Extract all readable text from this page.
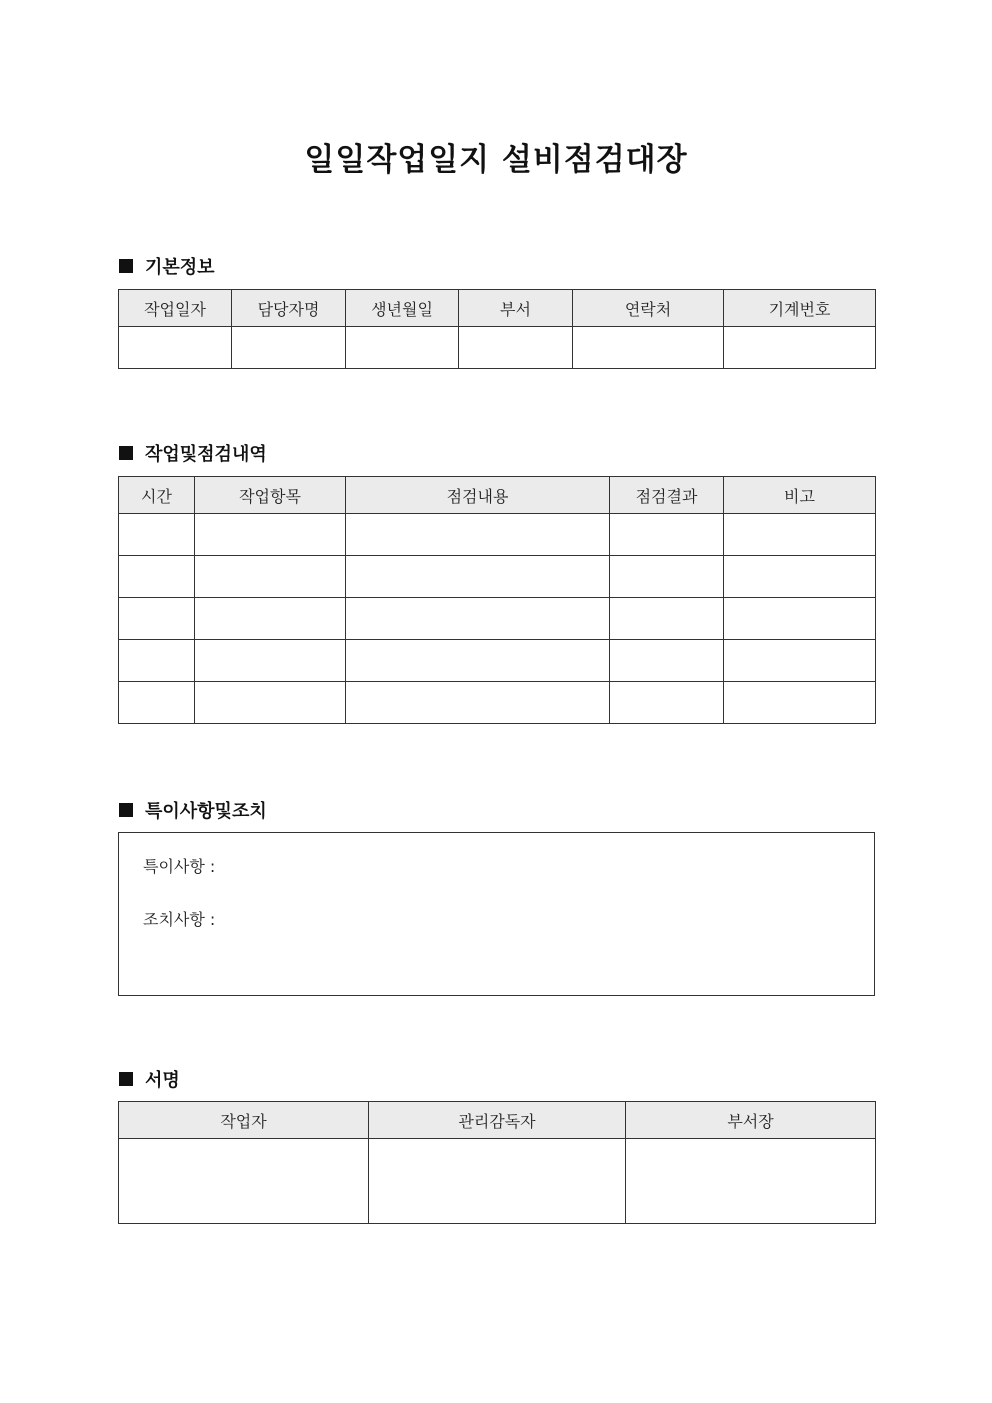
일일작업일지 설비점검대장
기본정보
작업일자	담당자명	생년월일	부서	연락처	기계번호

작업및점검내역
시간	작업항목	점검내용	점검결과	비고

특이사항및조치
특이사항 :
조치사항 :
서명
작업자	관리감독자	부서장
